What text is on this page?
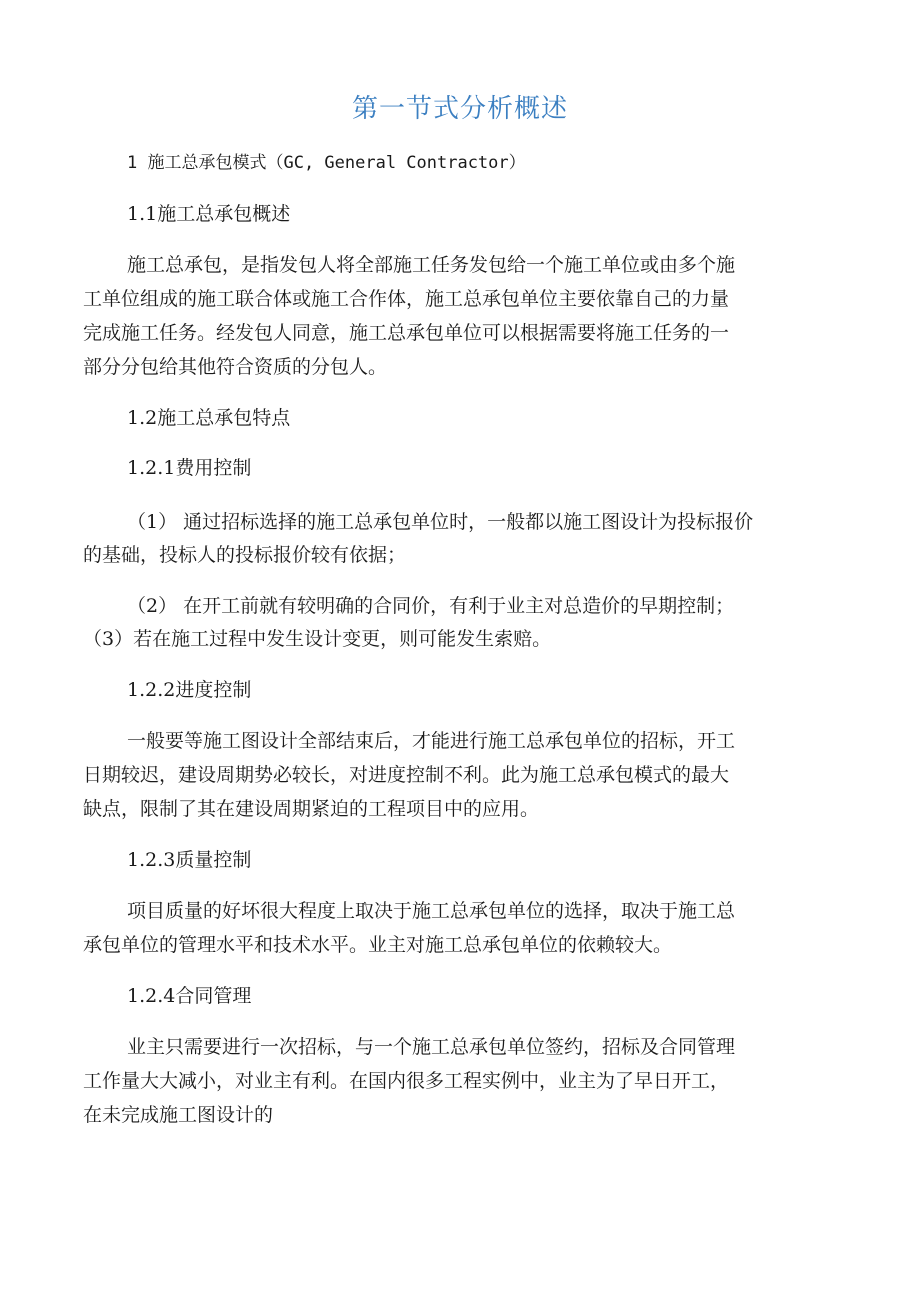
第一节式分析概述
1 施工总承包模式（GC, General Contractor）
1.1施工总承包概述
施工总承包，是指发包人将全部施工任务发包给一个施工单位或由多个施
工单位组成的施工联合体或施工合作体，施工总承包单位主要依靠自己的力量
完成施工任务。经发包人同意，施工总承包单位可以根据需要将施工任务的一
部分分包给其他符合资质的分包人。
1.2施工总承包特点
1.2.1费用控制
（1） 通过招标选择的施工总承包单位时，一般都以施工图设计为投标报价
的基础，投标人的投标报价较有依据；
（2） 在开工前就有较明确的合同价，有利于业主对总造价的早期控制；
（3）若在施工过程中发生设计变更，则可能发生索赔。
1.2.2进度控制
一般要等施工图设计全部结束后，才能进行施工总承包单位的招标，开工
日期较迟，建设周期势必较长，对进度控制不利。此为施工总承包模式的最大
缺点，限制了其在建设周期紧迫的工程项目中的应用。
1.2.3质量控制
项目质量的好坏很大程度上取决于施工总承包单位的选择，取决于施工总
承包单位的管理水平和技术水平。业主对施工总承包单位的依赖较大。
1.2.4合同管理
业主只需要进行一次招标，与一个施工总承包单位签约，招标及合同管理
工作量大大减小，对业主有利。在国内很多工程实例中，业主为了早日开工，
在未完成施工图设计的
